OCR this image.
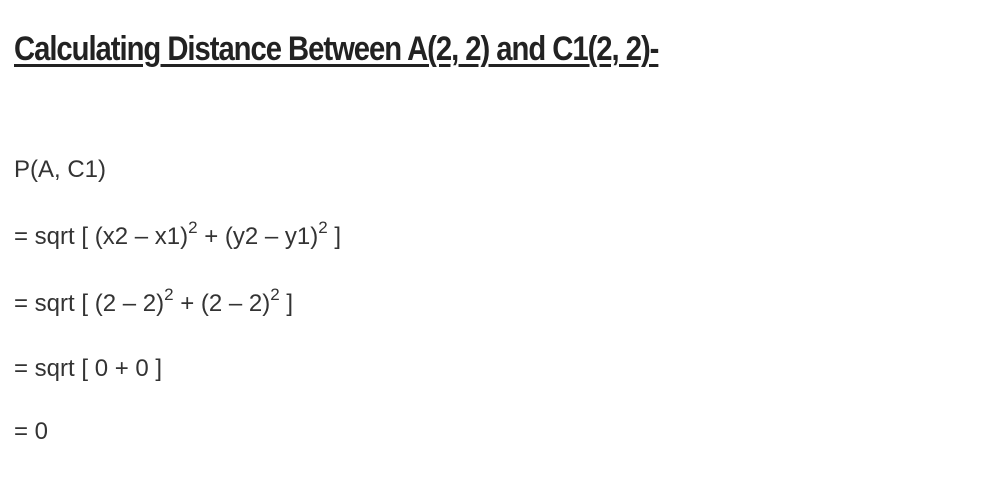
Calculating Distance Between A(2, 2) and C1(2, 2)-

P(A, C1)

= sqrt [ (x2 – x1)$^2$ + (y2 – y1)$^2$ ]

= sqrt [ (2 – 2)$^2$ + (2 – 2)$^2$ ]

= sqrt [ 0 + 0 ]

= 0
